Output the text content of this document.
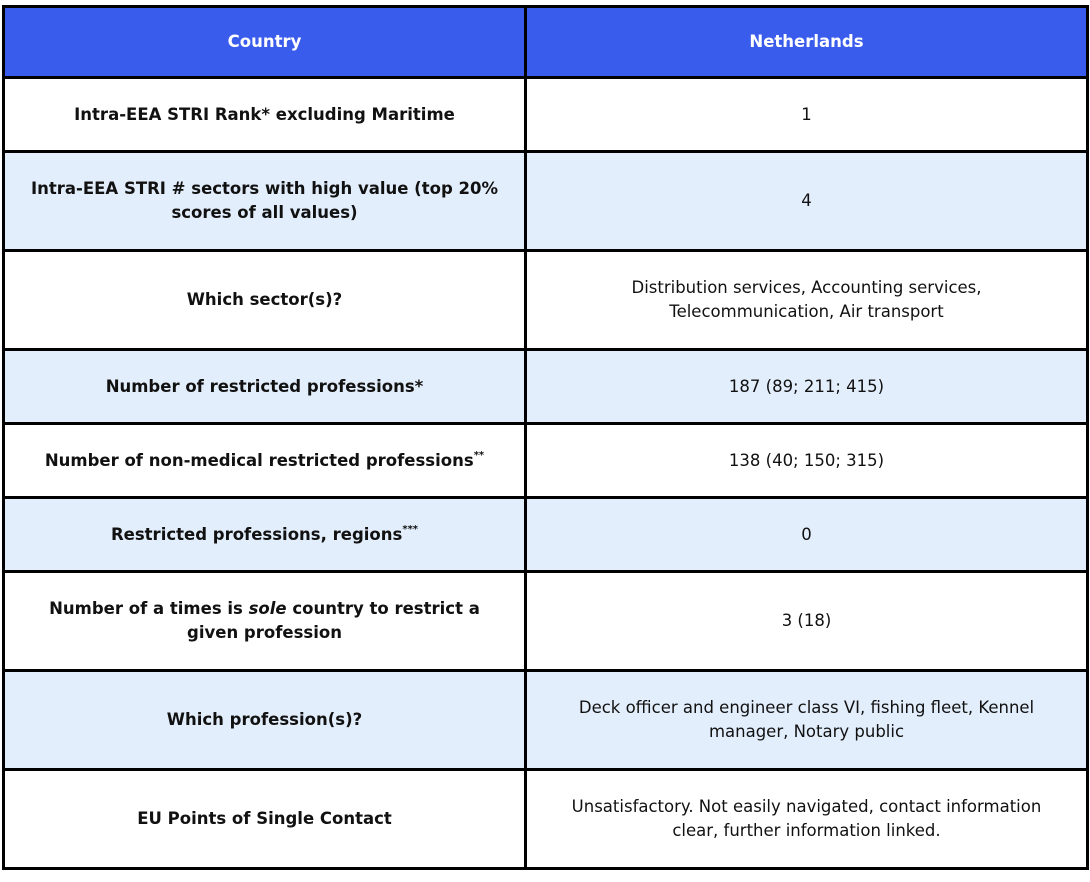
Country	Netherlands
Intra-EEA STRI Rank* excluding Maritime	1
Intra-EEA STRI # sectors with high value (top 20% scores of all values)	4
Which sector(s)?	Distribution services, Accounting services, Telecommunication, Air transport
Number of restricted professions*	187 (89; 211; 415)
Number of non-medical restricted professions**	138 (40; 150; 315)
Restricted professions, regions***	0
Number of a times is sole country to restrict a given profession	3 (18)
Which profession(s)?	Deck officer and engineer class VI, fishing fleet, Kennel manager, Notary public
EU Points of Single Contact	Unsatisfactory. Not easily navigated, contact information clear, further information linked.
